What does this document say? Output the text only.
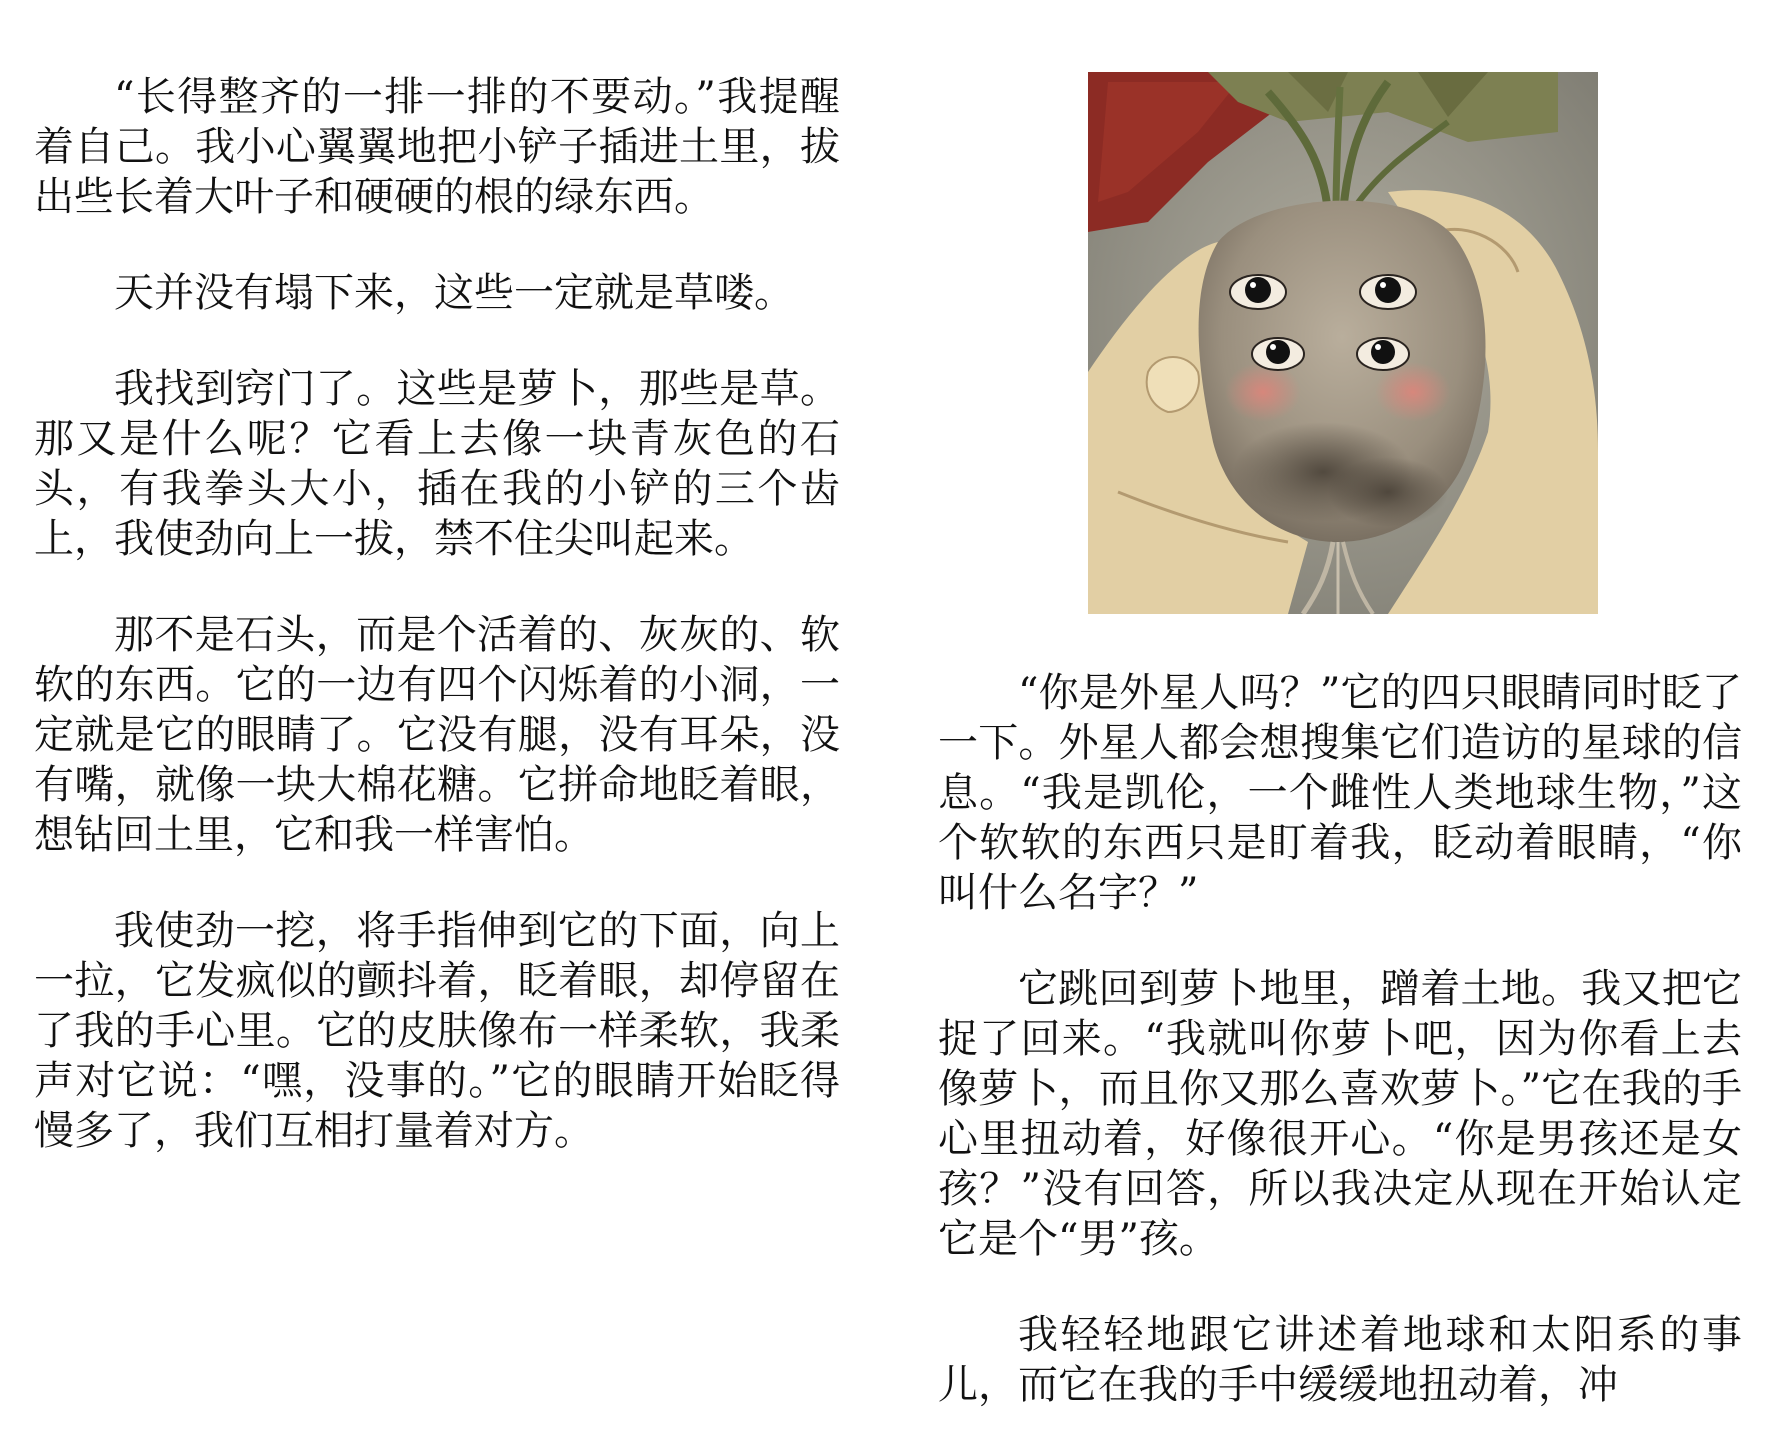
“长得整齐的一排一排的不要动。”我提醒着自己。我小心翼翼地把小铲子插进土里，拔出些长着大叶子和硬硬的根的绿东西。

天并没有塌下来，这些一定就是草喽。

我找到窍门了。这些是萝卜，那些是草。那又是什么呢？它看上去像一块青灰色的石头，有我拳头大小，插在我的小铲的三个齿上，我使劲向上一拔，禁不住尖叫起来。

那不是石头，而是个活着的、灰灰的、软软的东西。它的一边有四个闪烁着的小洞，一定就是它的眼睛了。它没有腿，没有耳朵，没有嘴，就像一块大棉花糖。它拼命地眨着眼，想钻回土里，它和我一样害怕。

我使劲一挖，将手指伸到它的下面，向上一拉，它发疯似的颤抖着，眨着眼，却停留在了我的手心里。它的皮肤像布一样柔软，我柔声对它说：“嘿，没事的。”它的眼睛开始眨得慢多了，我们互相打量着对方。

“你是外星人吗？”它的四只眼睛同时眨了一下。外星人都会想搜集它们造访的星球的信息。“我是凯伦，一个雌性人类地球生物，”这个软软的东西只是盯着我，眨动着眼睛，“你叫什么名字？”

它跳回到萝卜地里，蹭着土地。我又把它捉了回来。“我就叫你萝卜吧，因为你看上去像萝卜，而且你又那么喜欢萝卜。”它在我的手心里扭动着，好像很开心。“你是男孩还是女孩？”没有回答，所以我决定从现在开始认定它是个“男”孩。

我轻轻地跟它讲述着地球和太阳系的事儿，而它在我的手中缓缓地扭动着，冲
